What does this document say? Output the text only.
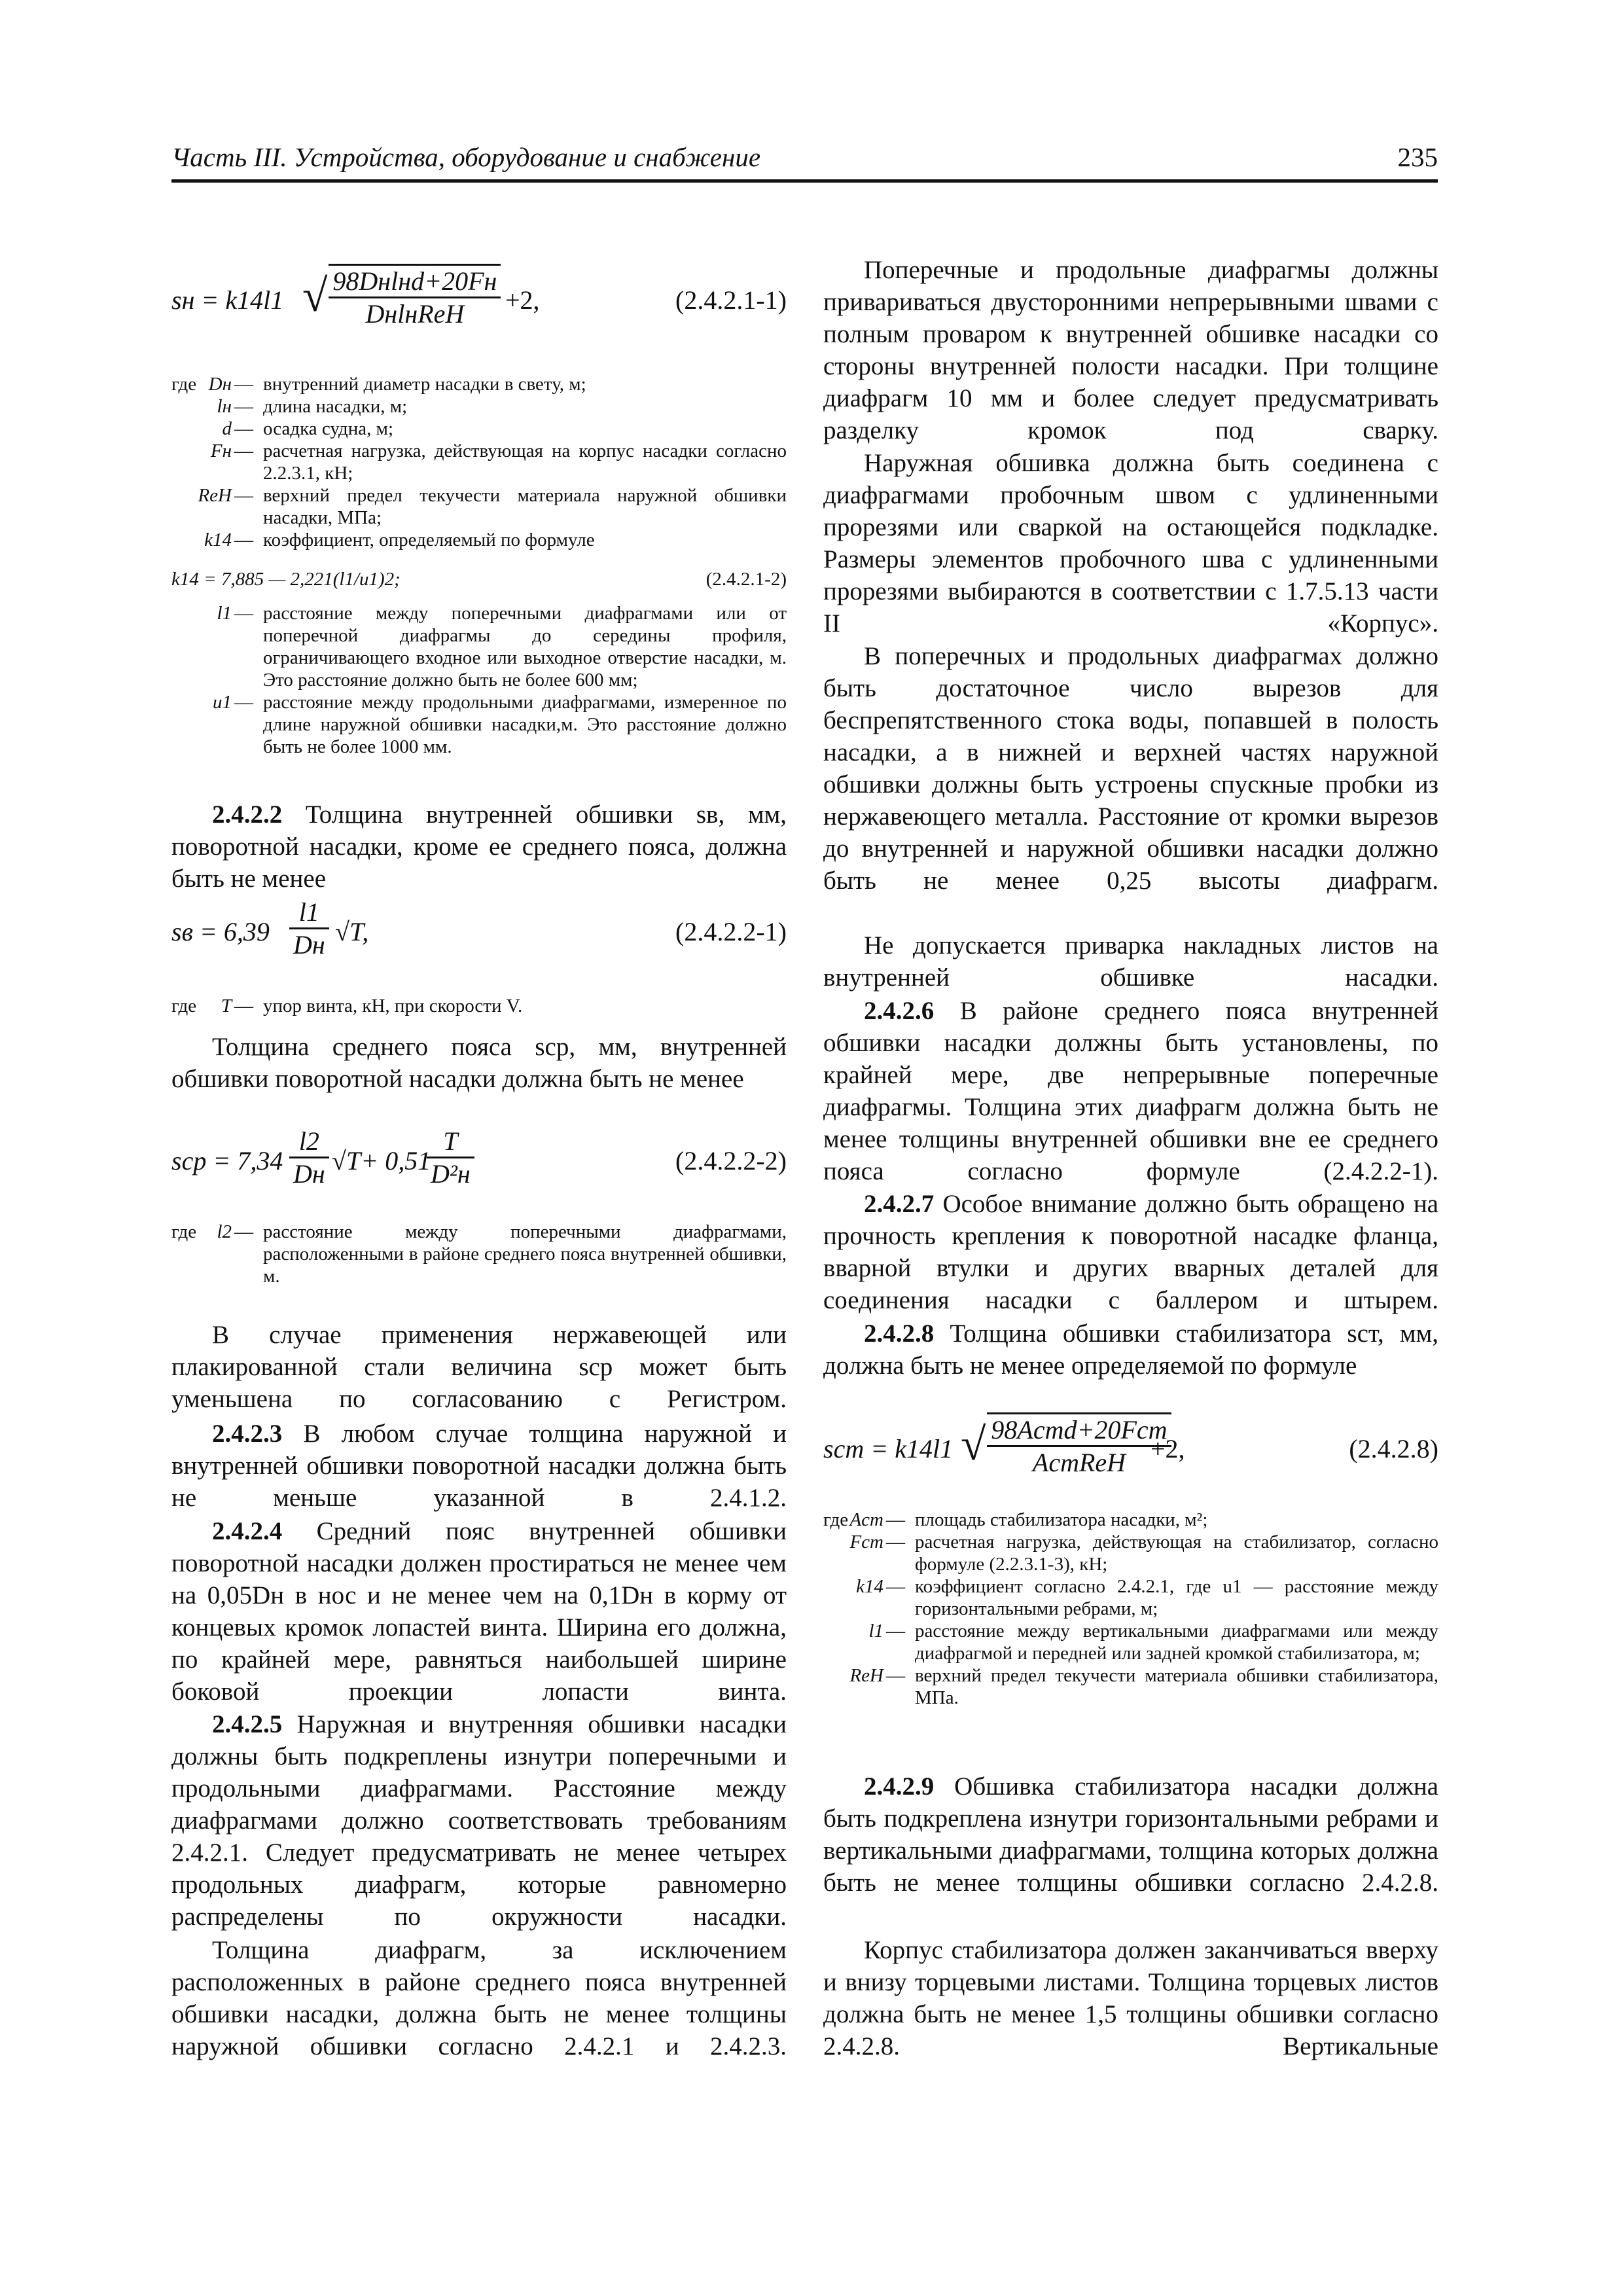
Часть III. Устройства, оборудование и снабжение	235
sн = k14l1 √ $\frac{\text{98Dнlнd+20Fн}}{\text{DнlнReH}} +2$,	(2.4.2.1-1)
где Dн — внутренний диаметр насадки в свету, м;
lн — длина насадки, м;
d — осадка судна, м;
Fн — расчетная нагрузка, действующая на корпус насадки согласно 2.2.3.1, кН;
ReH — верхний предел текучести материала наружной обшивки насадки, МПа;
k14 — коэффициент, определяемый по формуле
k14 = 7,885 — 2,221(l1/u1)2;	(2.4.2.1-2)
l1 — расстояние между поперечными диафрагмами или от поперечной диафрагмы до середины профиля, ограничивающего входное или выходное отверстие насадки, м. Это расстояние должно быть не более 600 мм;
u1 — расстояние между продольными диафрагмами, измеренное по длине наружной обшивки насадки,м. Это расстояние должно быть не более 1000 мм.
2.4.2.2 Толщина внутренней обшивки sв, мм, поворотной насадки, кроме ее среднего пояса, должна быть не менее
sв = 6,39
l1
Dн √T,	(2.4.2.2-1)
где	T — упор винта, кН, при скорости V.
Толщина среднего пояса sср, мм, внутренней обшивки поворотной насадки должна быть не менее
sср = 7,34
l2
Dн √T+ 0,51
T
D²н	(2.4.2.2-2)
где	l2 — расстояние между поперечными диафрагмами, расположенными в районе среднего пояса внутренней обшивки, м.
В случае применения нержавеющей или плакированной стали величина sср может быть уменьшена по согласованию с Регистром.
2.4.2.3 В любом случае толщина наружной и внутренней обшивки поворотной насадки должна быть не меньше указанной в 2.4.1.2.
2.4.2.4 Средний пояс внутренней обшивки поворотной насадки должен простираться не менее чем на 0,05Dн в нос и не менее чем на 0,1Dн в корму от концевых кромок лопастей винта. Ширина его должна, по крайней мере, равняться наибольшей ширине боковой проекции лопасти винта.
2.4.2.5 Наружная и внутренняя обшивки насадки должны быть подкреплены изнутри поперечными и продольными диафрагмами. Расстояние между диафрагмами должно соответствовать требованиям 2.4.2.1. Следует предусматривать не менее четырех продольных диафрагм, которые равномерно распределены по окружности насадки.
Толщина диафрагм, за исключением расположенных в районе среднего пояса внутренней обшивки насадки, должна быть не менее толщины наружной обшивки согласно 2.4.2.1 и 2.4.2.3.
Поперечные и продольные диафрагмы должны привариваться двусторонними непрерывными швами с полным проваром к внутренней обшивке насадки со стороны внутренней полости насадки. При толщине диафрагм 10 мм и более следует предусматривать разделку кромок под сварку.
Наружная обшивка должна быть соединена с диафрагмами пробочным швом с удлиненными прорезями или сваркой на остающейся подкладке. Размеры элементов пробочного шва с удлиненными прорезями выбираются в соответствии с 1.7.5.13 части II «Корпус».
В поперечных и продольных диафрагмах должно быть достаточное число вырезов для беспрепятственного стока воды, попавшей в полость насадки, а в нижней и верхней частях наружной обшивки должны быть устроены спускные пробки из нержавеющего металла. Расстояние от кромки вырезов до внутренней и наружной обшивки насадки должно быть не менее 0,25 высоты диафрагм.
Не допускается приварка накладных листов на внутренней обшивке насадки.
2.4.2.6 В районе среднего пояса внутренней обшивки насадки должны быть установлены, по крайней мере, две непрерывные поперечные диафрагмы. Толщина этих диафрагм должна быть не менее толщины внутренней обшивки вне ее среднего пояса согласно формуле (2.4.2.2-1).
2.4.2.7 Особое внимание должно быть обращено на прочность крепления к поворотной насадке фланца, вварной втулки и других вварных деталей для соединения насадки с баллером и штырем.
2.4.2.8 Толщина обшивки стабилизатора sст, мм, должна быть не менее определяемой по формуле
sст = k14l1 √ $\frac{\text{98Aстd+20Fст}}{\text{AстReH}}$
+2,	(2.4.2.8)
где Aст — площадь стабилизатора насадки, м²;
Fст — расчетная нагрузка, действующая на стабилизатор, согласно формуле (2.2.3.1-3), кН;
k14 — коэффициент согласно 2.4.2.1, где u1 — расстояние между горизонтальными ребрами, м;
l1 — расстояние между вертикальными диафрагмами или между диафрагмой и передней или задней кромкой стабилизатора, м;
ReH — верхний предел текучести материала обшивки стабилизатора, МПа.
2.4.2.9 Обшивка стабилизатора насадки должна быть подкреплена изнутри горизонтальными ребрами и вертикальными диафрагмами, толщина которых должна быть не менее толщины обшивки согласно 2.4.2.8.
Корпус стабилизатора должен заканчиваться вверху и внизу торцевыми листами. Толщина торцевых листов должна быть не менее 1,5 толщины обшивки согласно 2.4.2.8. Вертикальные
